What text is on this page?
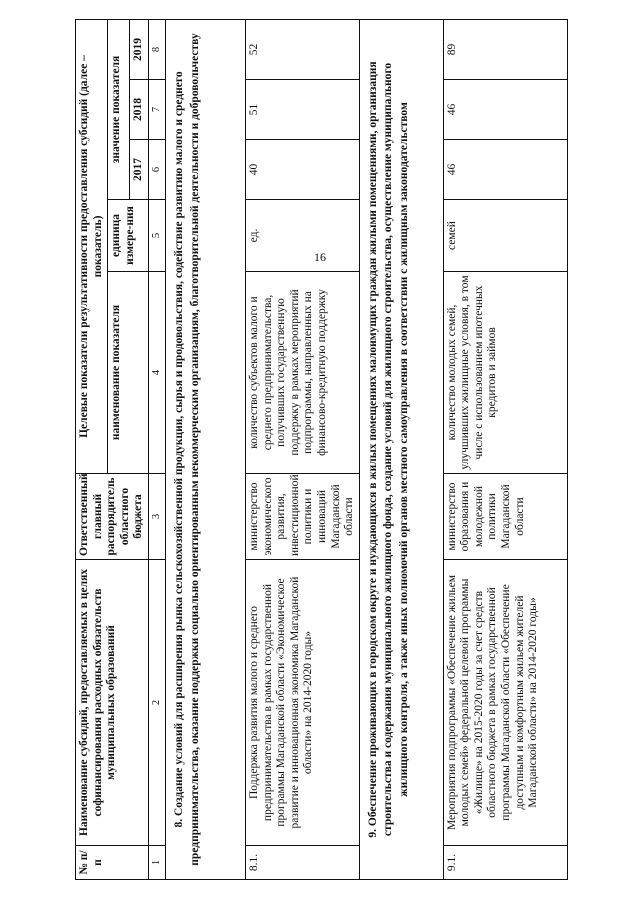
16
№ п/п	Наименование субсидий, предоставляемых в целях софинансирования расходных обязательств муниципальных образований	Ответственный главный распорядитель областного бюджета	Целевые показатели результативности предоставления субсидий (далее – показатель)				
			наименование показателя	единица измере-ния	значение показателя		
					2017	2018	2019
1	2	3	4	5	6	7	8
8. Создание условий для расширения рынка сельскохозяйственной продукции, сырья и продовольствия, содействие развитию малого и среднего предпринимательства, оказание поддержки социально ориентированным некоммерческим организациям, благотворительной деятельности и добровольчеству							
8.1.	Поддержка развития малого и среднего предпринимательства в рамках государственной программы Магаданской области «Экономическое развитие и инновационная экономика Магаданской области» на 2014-2020 годы»	министерство экономического развития, инвестиционной политики и инноваций Магаданской области	количество субъектов малого и среднего предпринимательства, получивших государственную поддержку в рамках мероприятий подпрограммы, направленных на финансово-кредитную поддержку	ед.	40	51	52
9. Обеспечение проживающих в городском округе и нуждающихся в жилых помещениях малоимущих граждан жилыми помещениями, организация строительства и содержания муниципального жилищного фонда, создание условий для жилищного строительства, осуществление муниципального жилищного контроля, а также иных полномочий органов местного самоуправления в соответствии с жилищным законодательством							
9.1.	Мероприятия подпрограммы «Обеспечение жильем молодых семей» федеральной целевой программы «Жилище» на 2015-2020 годы за счет средств областного бюджета в рамках государственной программы Магаданской области «Обеспечение доступным и комфортным жильем жителей Магаданской области» на 2014-2020 годы»	министерство образования и молодежной политики Магаданской области	количество молодых семей, улучшивших жилищные условия, в том числе с использованием ипотечных кредитов и займов	семей	46	46	89
